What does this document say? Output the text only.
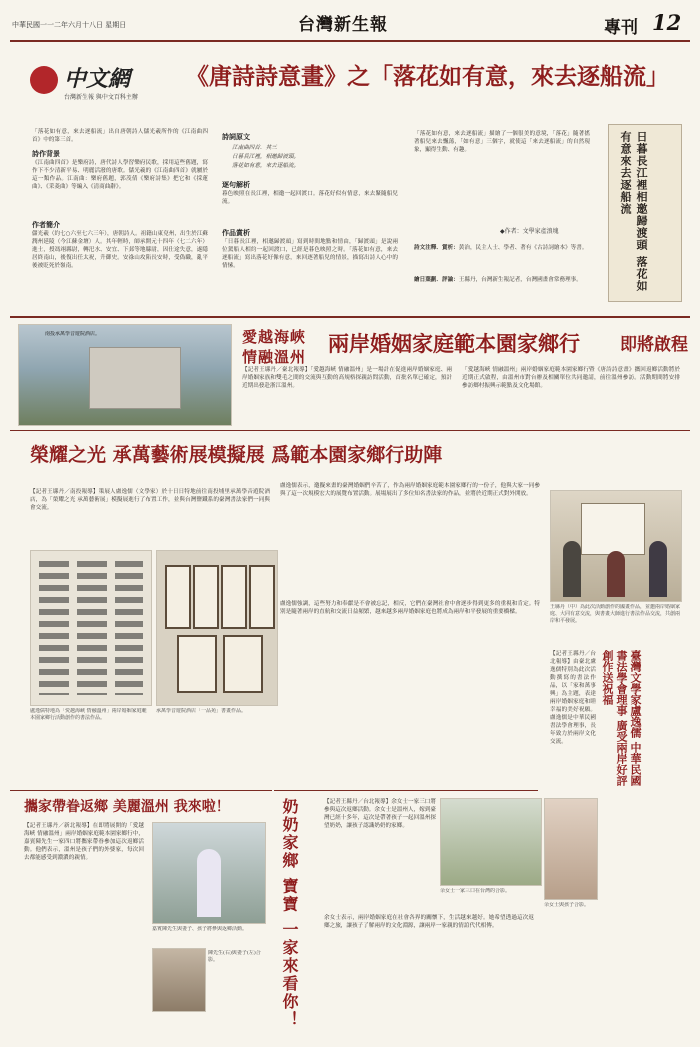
中華民國一一二年六月十八日 星期日	台灣新生報	專刊 12
中文網
台灣新生報 與中文百科主辦
《唐詩詩意畫》之「落花如有意，來去逐船流」
「落花如有意，來去逐船流」出自唐朝詩人儲光羲所作的《江南曲四首》中的第三首。
詩作背景
《江南曲四首》是樂府詩，唐代詩人學習樂府民歌，採用這些舊題，寫作下不少清新平易、明麗活潑的唐歌。儲光羲的《江南曲四首》就屬於這一類作品。江南曲：樂府舊題，郭茂倩《樂府詩集》把它和《採蓮曲》、《采菱曲》等編入《清商曲辭》。
作者簡介
儲光羲（約七○六至七六三年），唐朝詩人。祖籍山東兗州，出生於江蘇潤州延陵（今江蘇金壇）人。其年輕時，師承開元十四年（七二六年）進士，授馮翊縣尉，轉汜水、安宜、下邽等地縣尉，因仕途失意，遂隱居終南山，後復出任太祝，升御史。安祿山攻陷長安時，受偽職，亂平後被貶死於嶺南。
詩詞原文
江南曲四首．其三
日暮長江裡，相邀歸渡頭。
落花如有意，來去逐船流。
逐句解析
暮色映照在長江裡，相邀一起回渡口。落花好似有情意，來去緊隨船兒流。
作品賞析
「日暮長江裡，相邀歸渡頭」寫到時間地點和情由，「歸渡頭」是說兩位駕船人相約一起回渡口，已經是暮色映照之時。「落花如有意，來去逐船流」寫出落花好像有意，來回逐著船兒的情景，描寫出詩人心中的情愫。
「落花如有意，來去逐船流」描繪了一個很美的意境，「落花」隨著搖著船兒來去飄蕩，「如有意」三個字，就使這「來去逐船流」的自然現象，顯得生動、有趣。
◆作者：文學家產浪塊
詩文注釋．賞析：黃治，民主人士、學者、著有《古詩詞繪本》等書。
繪日葉劃．評論：王縣丹，台灣新生報記者，台灣國畫會常務理事。	日暮長江裡相邀歸渡頭 落花如有意來去逐船流
南投承萬學音遊院酒店。	愛越海峽
情融溫州
兩岸婚姻家庭範本園家鄉行 即將啟程
【記者王縣丹／臺北報導】「愛越海峽 情融溫州」是一場計在促進兩岸婚姻家庭、兩岸婚姻家族和雙毛之間的交流與互動的高規格探親訪問活動，首批名單已確定，預計近期出發赴浙江溫州。
「愛越海峽 情融溫州」兩岸婚姻家庭範本園家鄉行暨《唐詩詩意畫》攜回返鄉活動將於近期正式啟程，由溫州市對台辦及相關單位共同邀請，前往溫州參訪。活動期間將安排參訪鄉村振興示範點及文化場館。
榮耀之光 承萬藝術展模擬展 爲範本園家鄉行助陣
【記者王縣丹／南投報導】策展人盧逸儒（文學家）於十日日特地前往南投埔里承萬學音遊院酒店，為「榮耀之光 承萬藝術展」模擬展進行了布置工作，並與台灣鹽鐵系的臺灣書法家們一同與會交流。
盧逸儒表示，邀擬來畫的臺灣婚姻們辛苦了，作為兩岸婚姻家庭範本園家鄉行的一份子，他與大家一同參與了這一次規模宏大的展覽布置活動。展場展出了多位知名書法家的作品，並將於近期正式對外開放。
盧逸儒強調，這些努力和奉獻是不會被忘記，相反，它們在臺灣社會中會逐步得到更多的重視和肯定。特別是隨著兩岸的直航和交流日益頻繁，越來越多兩岸婚姻家庭也將成為兩岸和平發展的重要橋樑。
盧逸儒特地為「愛越海峽 情融溫州」兩岸婚姻家庭範本園家鄉行活動創作的書法作品。
承萬學音遊院酒店「一品苑」書畫作品。
王縣丹（中）為此次活動創作的國畫作品，並邀兩岸婚姻家庭、大同有意交流，與書畫大師進行書法作品交流，共創兩岸和平發展。
臺灣文學家盧逸儒 中華民國書法學會理事 廣受兩岸好評 創作送祝福
【記者王縣丹／台北報導】由臺北盧逸儒特別為此次活動撰寫的書法作品，以「家和萬事興」為主題，表達兩岸婚姻家庭和睦幸福的美好祝願。盧逸儒是中華民國書法學會理事，長年致力於兩岸文化交流。
攜家帶眷返鄉 美麗溫州 我來啦！
【記者王縣丹／新北報導】在即將展開的「愛越海峽 情融溫州」兩岸婚姻家庭範本園家鄉行中，嘉賓陳先生一家四口將攜家帶眷參加這次返鄉活動。他們表示，溫州是孩子們的外婆家，每次回去都能感受到濃濃的親情。
嘉賓陳先生與妻子、孩子將參與返鄉活動。
陳先生(右)與妻子(左)合影。	奶奶家鄉 寶寶 一家來看你！	【記者王縣丹／台北報導】余女士一家三口將參與這次返鄉活動。余女士是溫州人，嫁到臺灣已經十多年，這次是帶著孩子一起回溫州探望奶奶，讓孩子認識奶奶的家鄉。
余女士表示，兩岸婚姻家庭在社會各界的關懷下，生活越來越好。她希望透過這次返鄉之旅，讓孩子了解兩岸的文化淵源，讓兩岸一家親的情誼代代相傳。
余女士一家三口在台灣的合影。
余女士與孩子合影。
